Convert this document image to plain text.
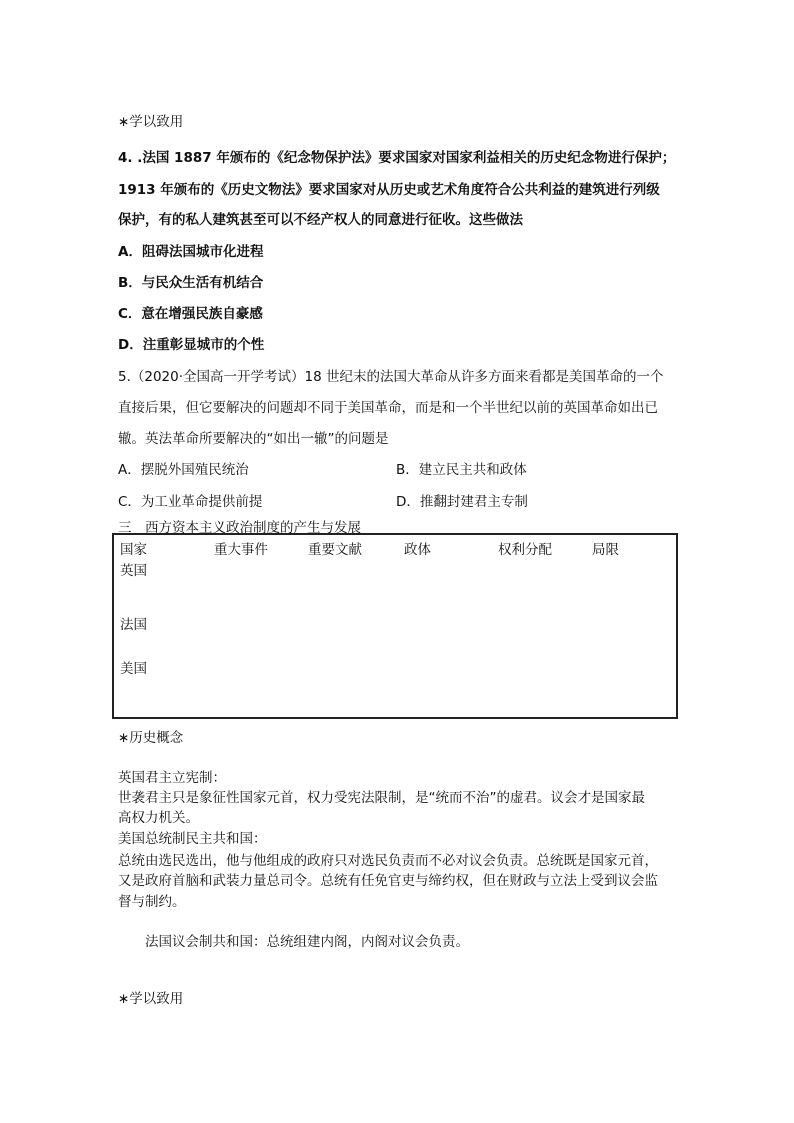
∗学以致用
4. .法国 1887 年颁布的《纪念物保护法》要求国家对国家利益相关的历史纪念物进行保护；
1913 年颁布的《历史文物法》要求国家对从历史或艺术角度符合公共利益的建筑进行列级
保护，有的私人建筑甚至可以不经产权人的同意进行征收。这些做法
A．阻碍法国城市化进程
B．与民众生活有机结合
C．意在增强民族自豪感
D．注重彰显城市的个性
5.（2020·全国高一开学考试）18 世纪末的法国大革命从许多方面来看都是美国革命的一个
直接后果，但它要解决的问题却不同于美国革命，而是和一个半世纪以前的英国革命如出已
辙。英法革命所要解决的“如出一辙”的问题是
A．摆脱外国殖民统治	B．建立民主共和政体
C．为工业革命提供前提	D．推翻封建君主专制
三　西方资本主义政治制度的产生与发展
国家	重大事件	重要文献	政体	权利分配	局限
英国
法国
美国
∗历史概念
英国君主立宪制：
世袭君主只是象征性国家元首，权力受宪法限制，是“统而不治”的虚君。议会才是国家最
高权力机关。
美国总统制民主共和国：
总统由选民选出，他与他组成的政府只对选民负责而不必对议会负责。总统既是国家元首，
又是政府首脑和武装力量总司令。总统有任免官吏与缔约权，但在财政与立法上受到议会监
督与制约。
法国议会制共和国：总统组建内阁，内阁对议会负责。
∗学以致用
